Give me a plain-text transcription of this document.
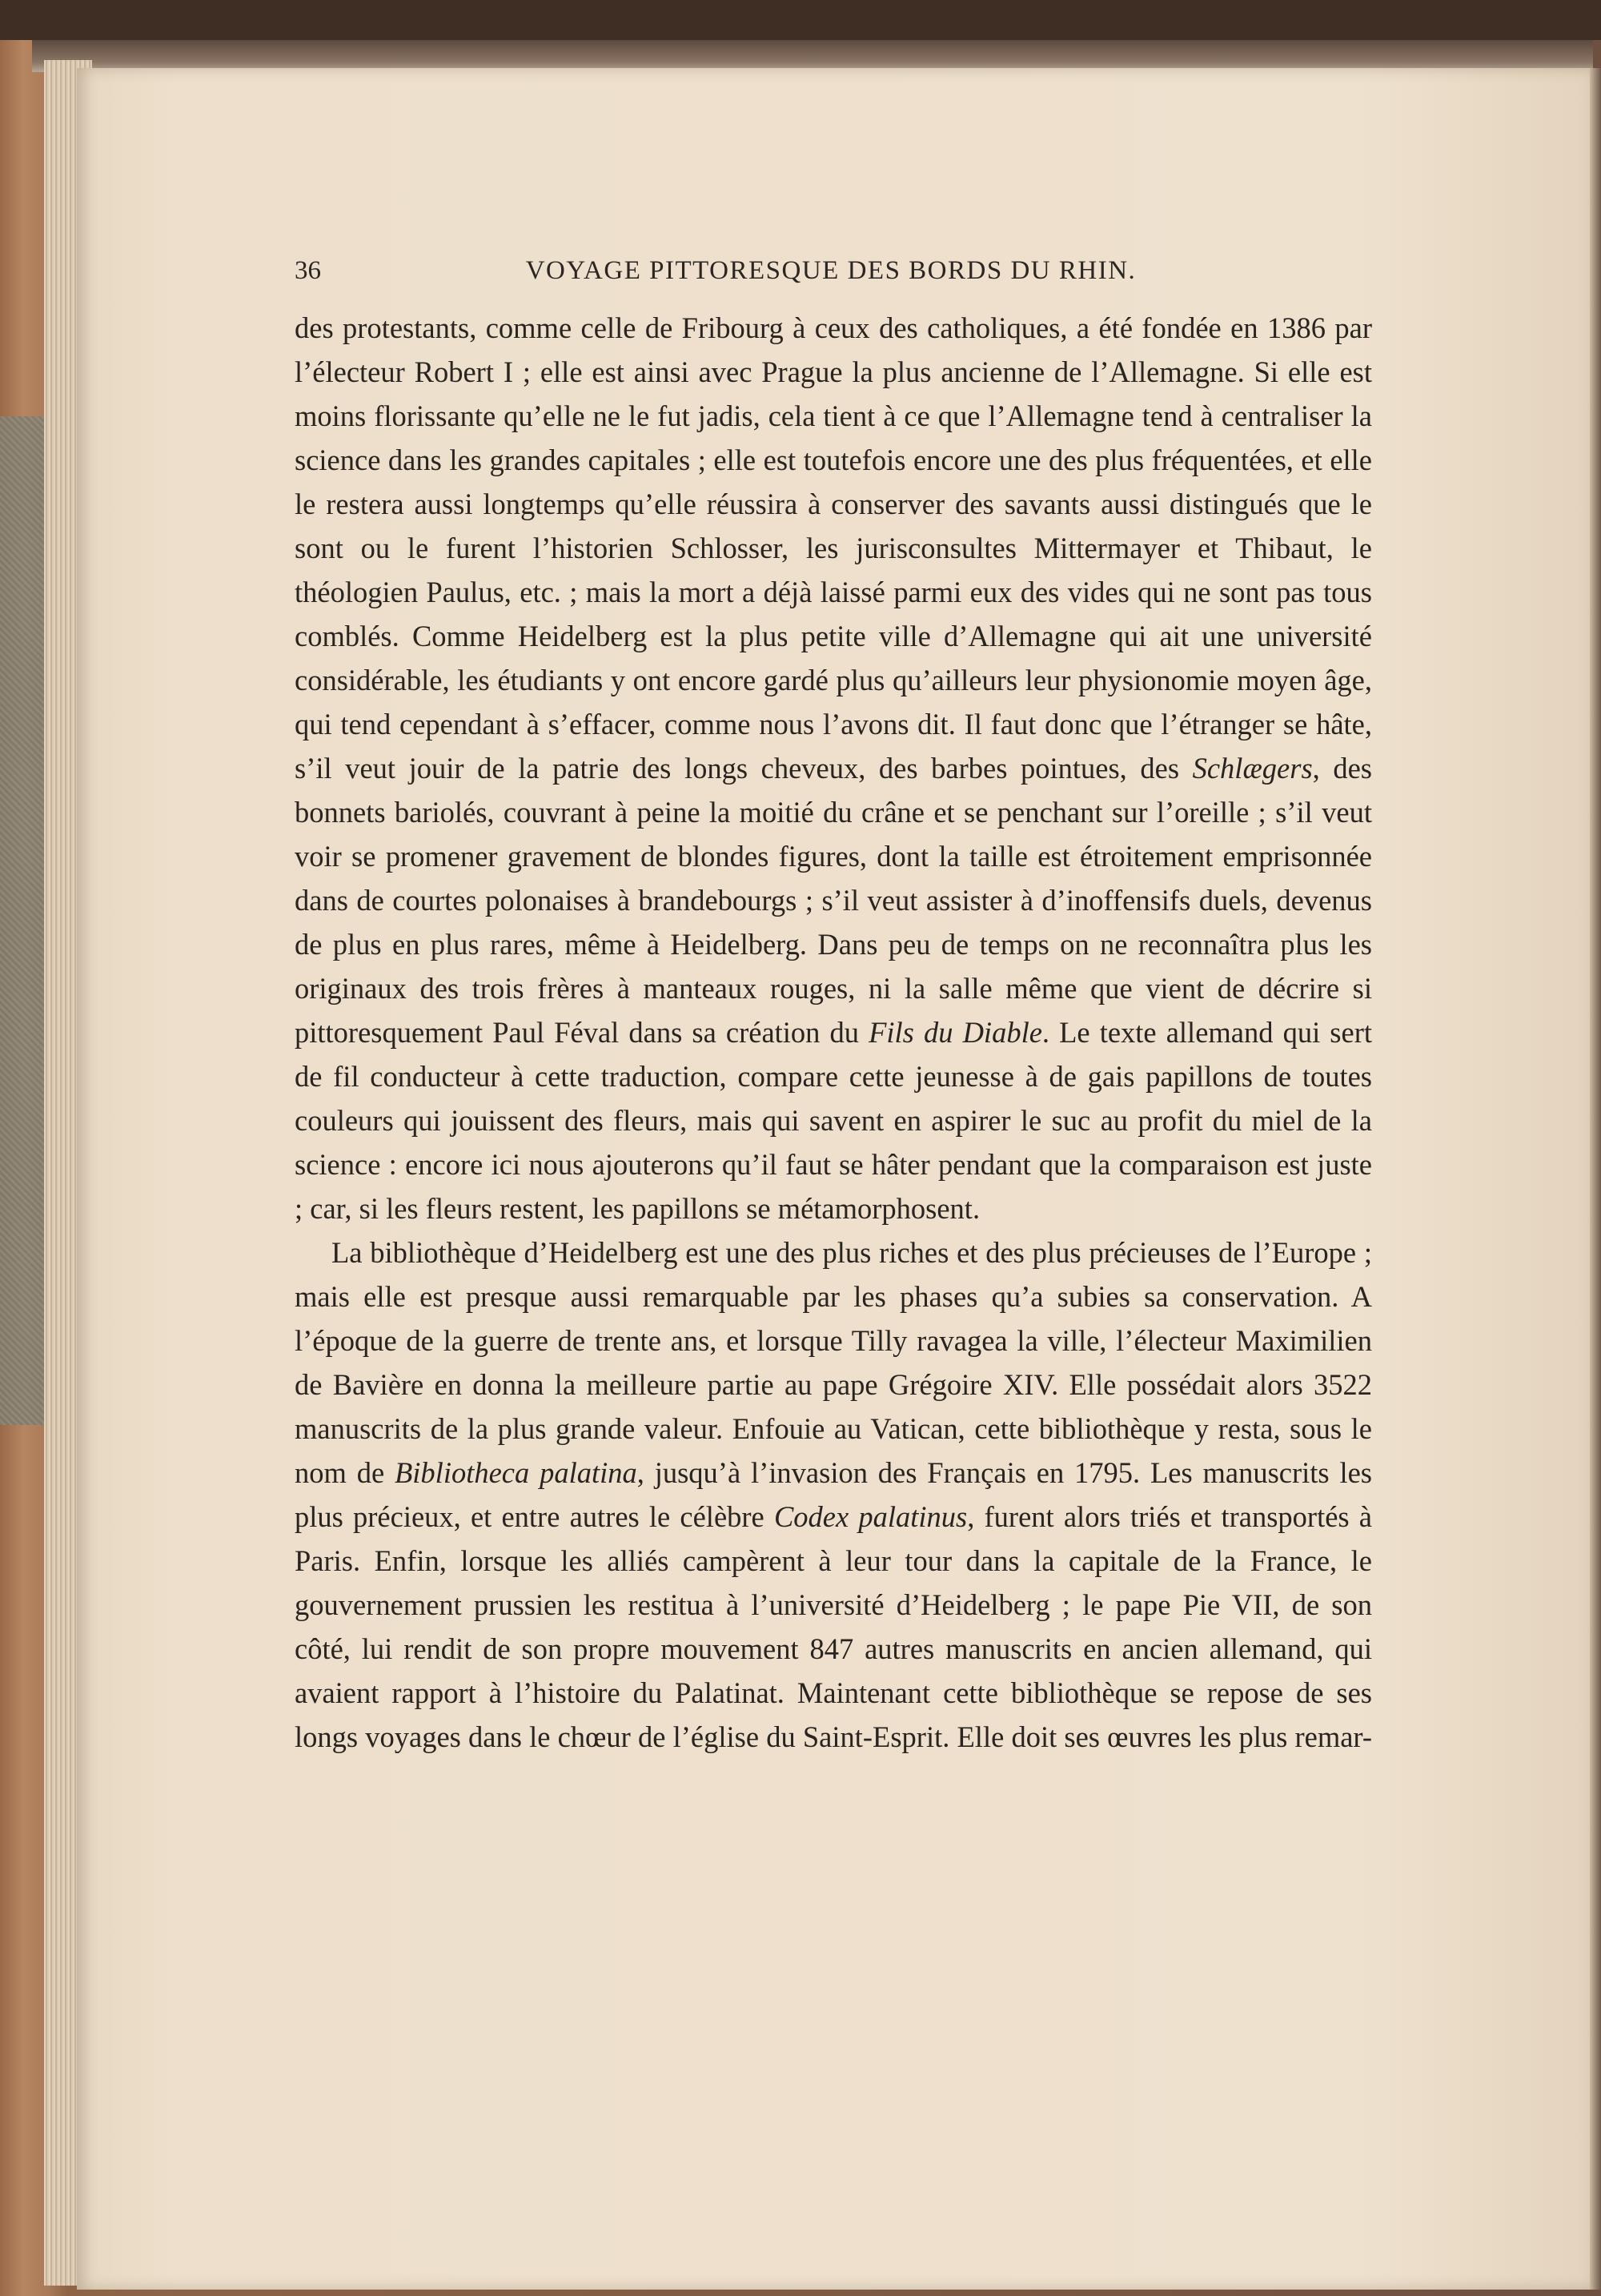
36	VOYAGE PITTORESQUE DES BORDS DU RHIN.

des protestants, comme celle de Fribourg à ceux des catholiques, a été fondée en 1386 par l’électeur Robert I ; elle est ainsi avec Prague la plus ancienne de l’Allemagne. Si elle est moins florissante qu’elle ne le fut jadis, cela tient à ce que l’Allemagne tend à centraliser la science dans les grandes capitales ; elle est toutefois encore une des plus fréquentées, et elle le restera aussi longtemps qu’elle réussira à conserver des savants aussi distingués que le sont ou le furent l’historien Schlosser, les jurisconsultes Mittermayer et Thibaut, le théologien Paulus, etc. ; mais la mort a déjà laissé parmi eux des vides qui ne sont pas tous comblés. Comme Heidelberg est la plus petite ville d’Allemagne qui ait une université considérable, les étudiants y ont encore gardé plus qu’ailleurs leur physionomie moyen âge, qui tend cependant à s’effacer, comme nous l’avons dit. Il faut donc que l’étranger se hâte, s’il veut jouir de la patrie des longs cheveux, des barbes pointues, des Schlægers, des bonnets bariolés, couvrant à peine la moitié du crâne et se penchant sur l’oreille ; s’il veut voir se promener gravement de blondes figures, dont la taille est étroitement emprisonnée dans de courtes polonaises à brandebourgs ; s’il veut assister à d’inoffensifs duels, devenus de plus en plus rares, même à Heidelberg. Dans peu de temps on ne reconnaîtra plus les originaux des trois frères à manteaux rouges, ni la salle même que vient de décrire si pittoresquement Paul Féval dans sa création du Fils du Diable. Le texte allemand qui sert de fil conducteur à cette traduction, compare cette jeunesse à de gais papillons de toutes couleurs qui jouissent des fleurs, mais qui savent en aspirer le suc au profit du miel de la science : encore ici nous ajouterons qu’il faut se hâter pendant que la comparaison est juste ; car, si les fleurs restent, les papillons se métamorphosent.

La bibliothèque d’Heidelberg est une des plus riches et des plus précieuses de l’Europe ; mais elle est presque aussi remarquable par les phases qu’a subies sa conservation. A l’époque de la guerre de trente ans, et lorsque Tilly ravagea la ville, l’électeur Maximilien de Bavière en donna la meilleure partie au pape Grégoire XIV. Elle possédait alors 3522 manuscrits de la plus grande valeur. Enfouie au Vatican, cette bibliothèque y resta, sous le nom de Bibliotheca palatina, jusqu’à l’invasion des Français en 1795. Les manuscrits les plus précieux, et entre autres le célèbre Codex palatinus, furent alors triés et transportés à Paris. Enfin, lorsque les alliés campèrent à leur tour dans la capitale de la France, le gouvernement prussien les restitua à l’université d’Heidelberg ; le pape Pie VII, de son côté, lui rendit de son propre mouvement 847 autres manuscrits en ancien allemand, qui avaient rapport à l’histoire du Palatinat. Maintenant cette bibliothèque se repose de ses longs voyages dans le chœur de l’église du Saint-Esprit. Elle doit ses œuvres les plus remar-
